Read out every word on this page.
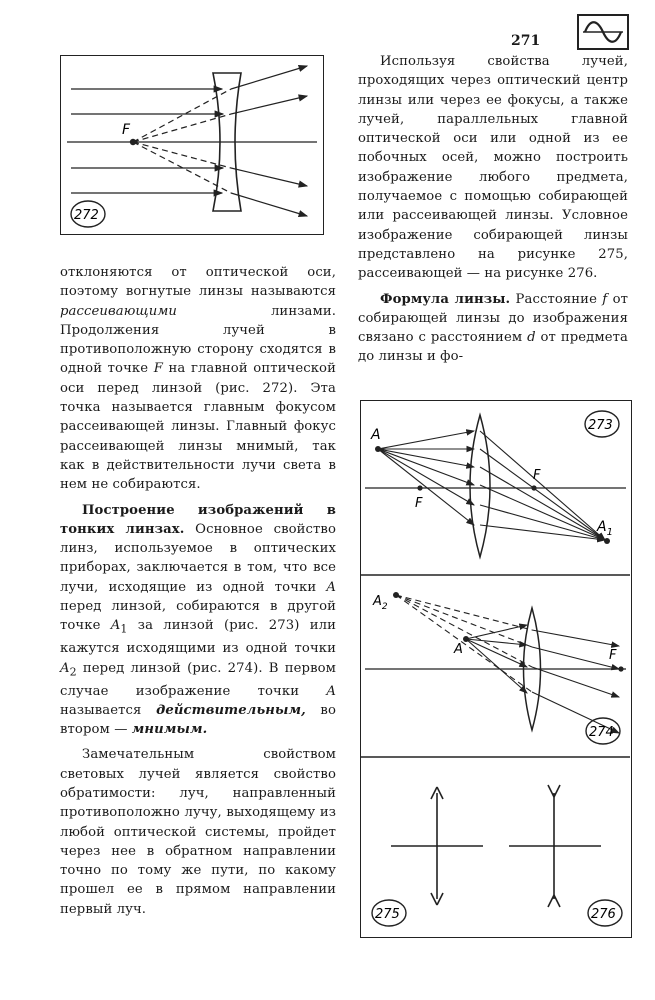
271
F
272

отклоняются от оптической оси, поэтому вогнутые линзы называются рассеивающими линзами. Продолжения лучей в противоположную сторону сходятся в одной точке F на главной оптической оси перед линзой (рис. 272). Эта точка называется главным фокусом рассеивающей линзы. Главный фокус рассеивающей линзы мнимый, так как в действительности лучи света в нем не собираются.

Построение изображений в тонких линзах. Основное свойство линз, используемое в оптических приборах, заключается в том, что все лучи, исходящие из одной точки A перед линзой, собираются в другой точке $A_1$ за линзой (рис. 273) или кажутся исходящими из одной точки $A_2$ перед линзой (рис. 274). В первом случае изображение точки A называется действительным, во втором — мнимым.

Замечательным свойством световых лучей является свойство обратимости: луч, направленный противоположно лучу, выходящему из любой оптической системы, пройдет через нее в обратном направлении точно по тому же пути, по какому прошел ее в прямом направлении первый луч.

Используя свойства лучей, проходящих через оптический центр линзы или через ее фокусы, а также лучей, параллельных главной оптической оси или одной из ее побочных осей, можно построить изображение любого предмета, получаемое с помощью собирающей или рассеивающей линзы. Условное изображение собирающей линзы представлено на рисунке 275, рассеивающей — на рисунке 276.

Формула линзы. Расстояние f от собирающей линзы до изображения связано с расстоянием d от предмета до линзы и фо-

A
F
F
$A_1$
273
$A_2$
A	F
274
275	276
